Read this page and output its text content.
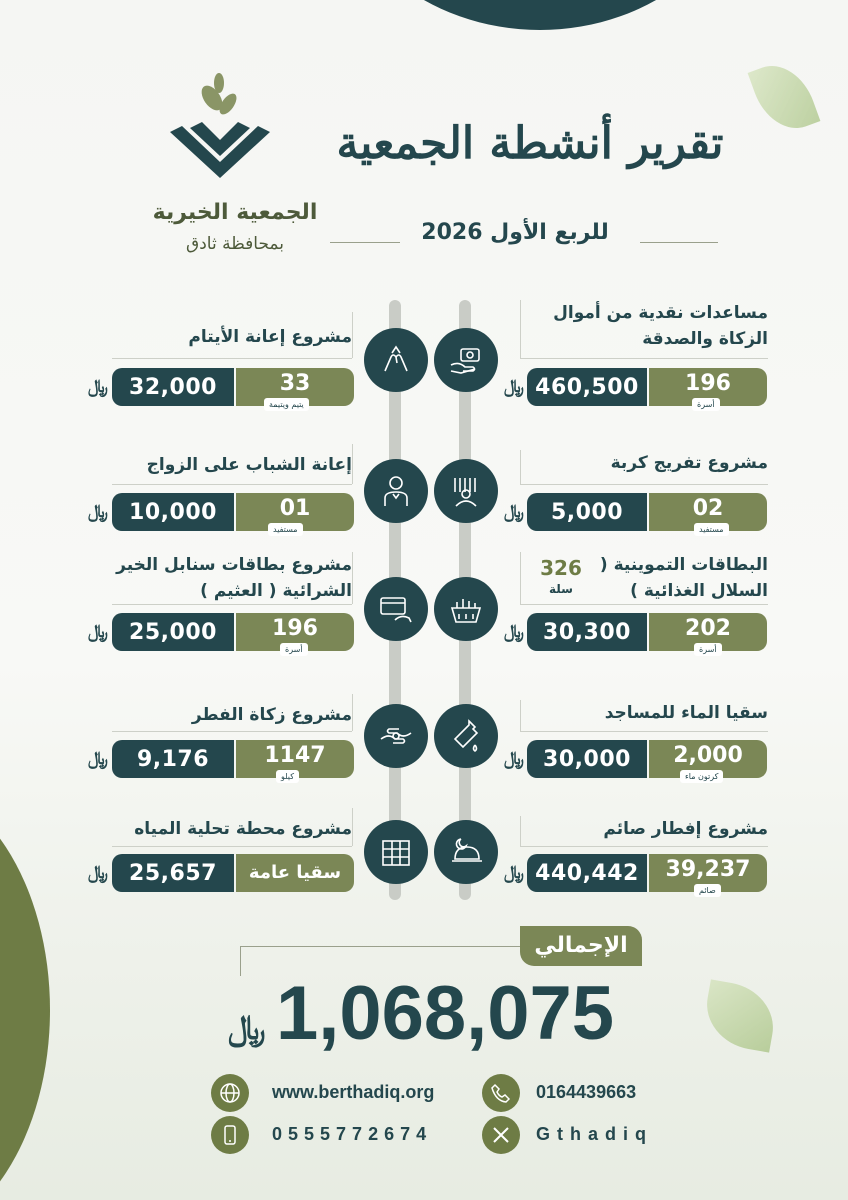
الجمعية الخيرية
بمحافظة ثادق
تقرير أنشطة الجمعية
للربع الأول 2026
مساعدات نقدية من أموال الزكاة والصدقة
460,500	196
أسرة
﷼
مشروع تفريج كربة
5,000	02
مستفيد
﷼
البطاقات التموينية ( السلال الغذائية )
326
سلة
30,300	202
أسرة
﷼
سقيا الماء للمساجد
30,000	2,000
كرتون ماء
﷼
مشروع إفطار صائم
440,442	39,237
صائم
﷼
مشروع إعانة الأيتام
32,000	33
يتيم ويتيمة
﷼
إعانة الشباب على الزواج
10,000	01
مستفيد
﷼
مشروع بطاقات سنابل الخير الشرائية ( العثيم )
25,000	196
أسرة
﷼
مشروع زكاة الفطر
9,176	1147
كيلو
﷼
مشروع محطة تحلية المياه
25,657	سقيا عامة
﷼
الإجمالي
1,068,075
﷼
www.berthadiq.org	0164439663
0555772674	Gthadiq
